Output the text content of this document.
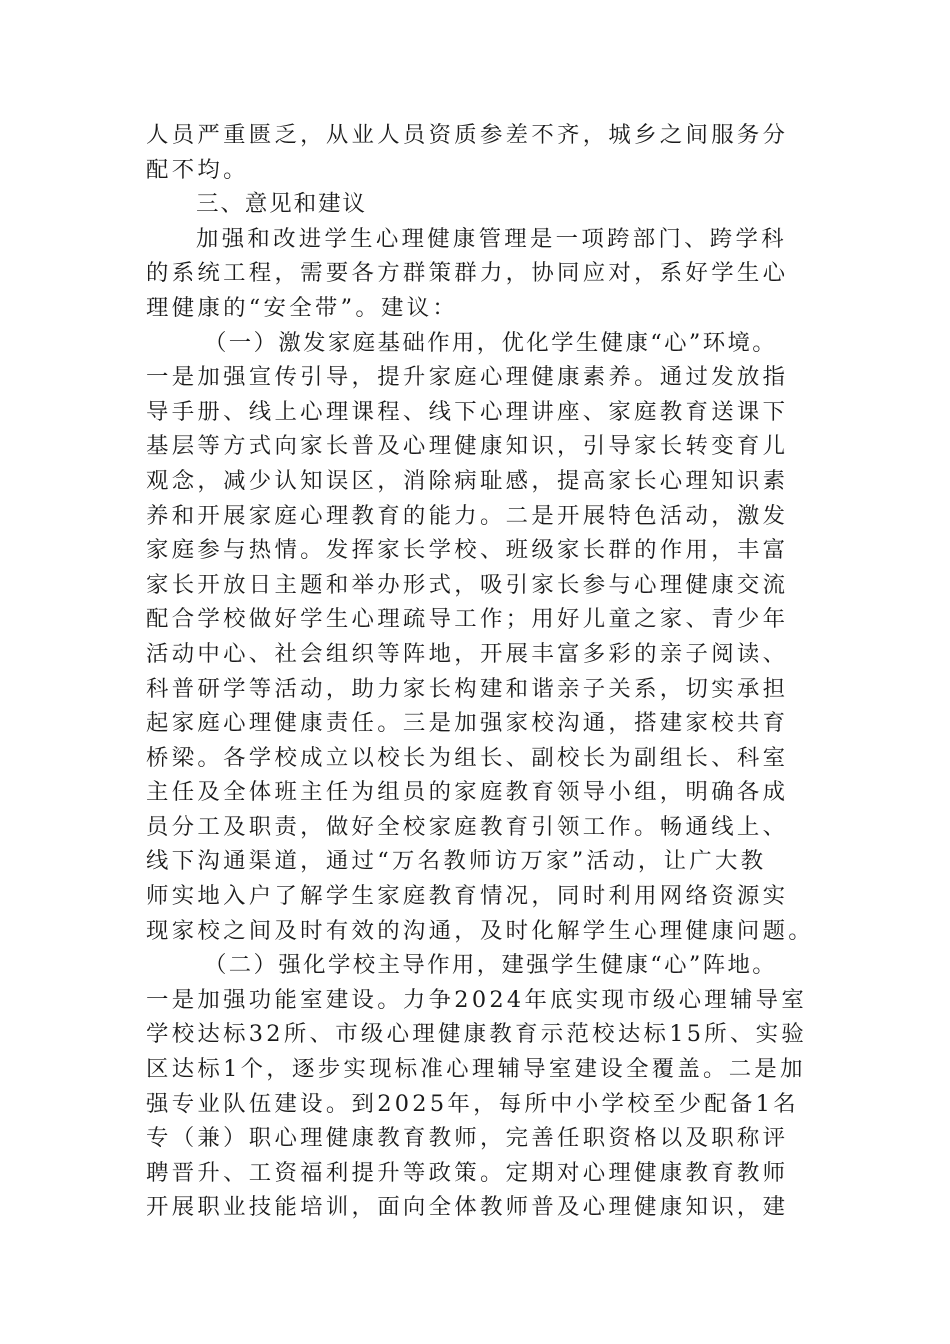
人员严重匮乏，从业人员资质参差不齐，城乡之间服务分
配不均。
三、意见和建议
加强和改进学生心理健康管理是一项跨部门、跨学科
的系统工程，需要各方群策群力，协同应对，系好学生心
理健康的“安全带”。建议：
（一）激发家庭基础作用，优化学生健康“心”环境。
一是加强宣传引导，提升家庭心理健康素养。通过发放指
导手册、线上心理课程、线下心理讲座、家庭教育送课下
基层等方式向家长普及心理健康知识，引导家长转变育儿
观念，减少认知误区，消除病耻感，提高家长心理知识素
养和开展家庭心理教育的能力。二是开展特色活动，激发
家庭参与热情。发挥家长学校、班级家长群的作用，丰富
家长开放日主题和举办形式，吸引家长参与心理健康交流
配合学校做好学生心理疏导工作；用好儿童之家、青少年
活动中心、社会组织等阵地，开展丰富多彩的亲子阅读、
科普研学等活动，助力家长构建和谐亲子关系，切实承担
起家庭心理健康责任。三是加强家校沟通，搭建家校共育
桥梁。各学校成立以校长为组长、副校长为副组长、科室
主任及全体班主任为组员的家庭教育领导小组，明确各成
员分工及职责，做好全校家庭教育引领工作。畅通线上、
线下沟通渠道，通过“万名教师访万家”活动，让广大教
师实地入户了解学生家庭教育情况，同时利用网络资源实
现家校之间及时有效的沟通，及时化解学生心理健康问题。
（二）强化学校主导作用，建强学生健康“心”阵地。
一是加强功能室建设。力争2024年底实现市级心理辅导室
学校达标32所、市级心理健康教育示范校达标15所、实验
区达标1个，逐步实现标准心理辅导室建设全覆盖。二是加
强专业队伍建设。到2025年，每所中小学校至少配备1名
专（兼）职心理健康教育教师，完善任职资格以及职称评
聘晋升、工资福利提升等政策。定期对心理健康教育教师
开展职业技能培训，面向全体教师普及心理健康知识，建
